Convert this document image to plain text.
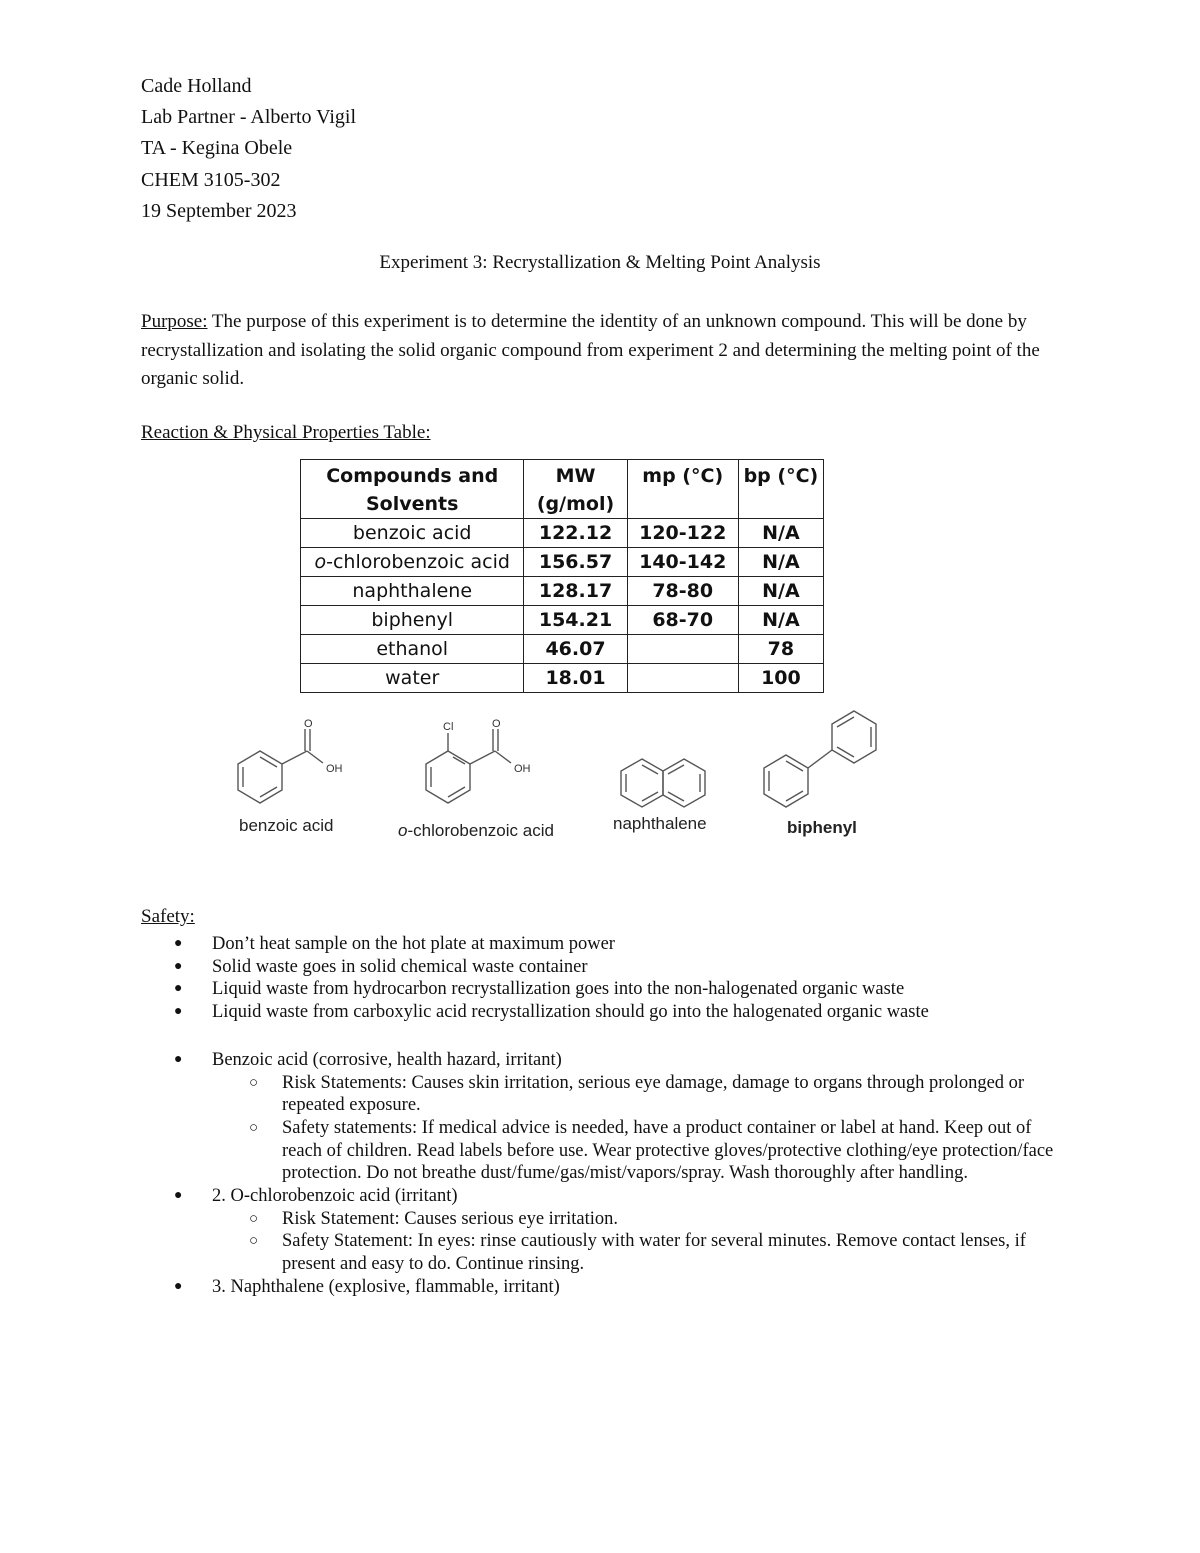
Cade Holland
Lab Partner - Alberto Vigil
TA - Kegina Obele
CHEM 3105-302
19 September 2023
Experiment 3: Recrystallization & Melting Point Analysis
Purpose: The purpose of this experiment is to determine the identity of an unknown compound. This will be done by recrystallization and isolating the solid organic compound from experiment 2 and determining the melting point of the organic solid.
Reaction & Physical Properties Table:
Compounds and Solvents	MW (g/mol)	mp (°C)	bp (°C)
benzoic acid	122.12	120-122	N/A
o-chlorobenzoic acid	156.57	140-142	N/A
naphthalene	128.17	78-80	N/A
biphenyl	154.21	68-70	N/A
ethanol	46.07		78
water	18.01		100
O
OH
Cl	O
OH
benzoic acid	o-chlorobenzoic acid	naphthalene	biphenyl
Safety:
● Don’t heat sample on the hot plate at maximum power
● Solid waste goes in solid chemical waste container
● Liquid waste from hydrocarbon recrystallization goes into the non-halogenated organic waste
● Liquid waste from carboxylic acid recrystallization should go into the halogenated organic waste
● Benzoic acid (corrosive, health hazard, irritant)
○ Risk Statements: Causes skin irritation, serious eye damage, damage to organs through prolonged or repeated exposure.
○ Safety statements: If medical advice is needed, have a product container or label at hand. Keep out of reach of children. Read labels before use. Wear protective gloves/protective clothing/eye protection/face protection. Do not breathe dust/fume/gas/mist/vapors/spray. Wash thoroughly after handling.
● 2. O-chlorobenzoic acid (irritant)
○ Risk Statement: Causes serious eye irritation.
○ Safety Statement: In eyes: rinse cautiously with water for several minutes. Remove contact lenses, if present and easy to do. Continue rinsing.
● 3. Naphthalene (explosive, flammable, irritant)
